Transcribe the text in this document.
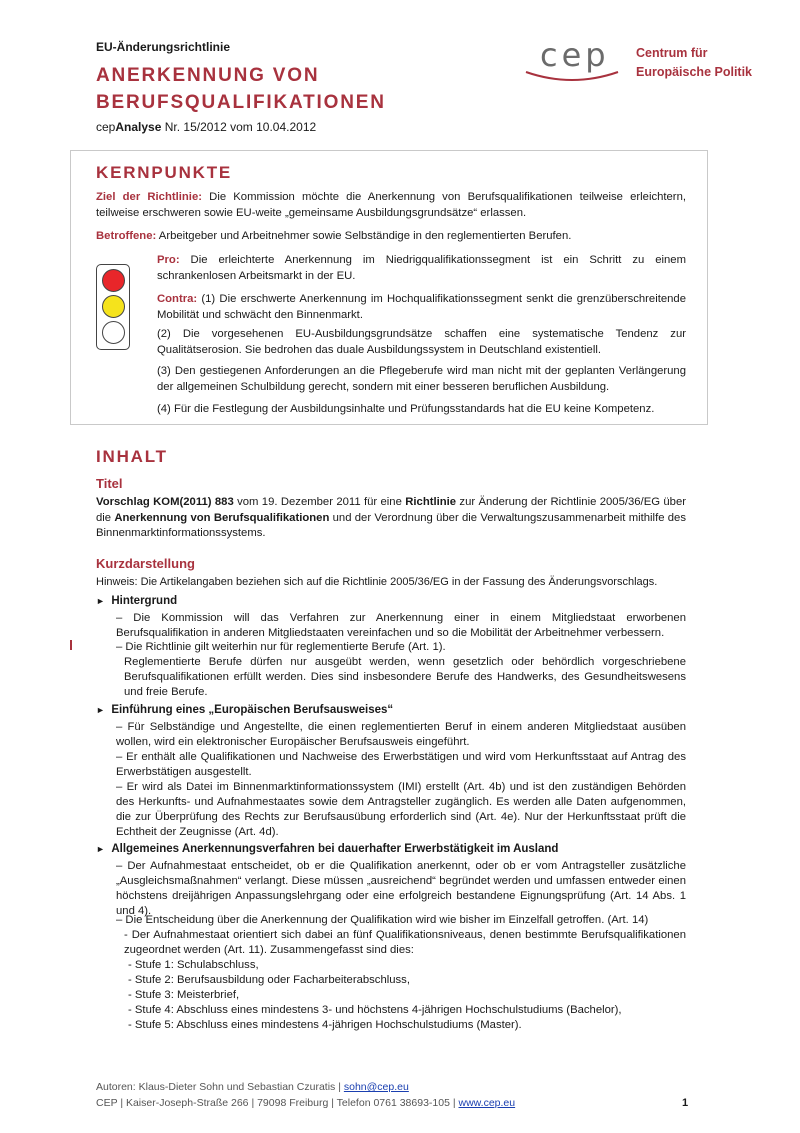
EU-Änderungsrichtlinie
ANERKENNUNG VON
BERUFSQUALIFIKATIONEN
cepAnalyse Nr. 15/2012 vom 10.04.2012
cep Centrum für
Europäische Politik
KERNPUNKTE
Ziel der Richtlinie: Die Kommission möchte die Anerkennung von Berufsqualifikationen teilweise erleichtern, teilweise erschweren sowie EU-weite „gemeinsame Ausbildungsgrundsätze“ erlassen.
Betroffene: Arbeitgeber und Arbeitnehmer sowie Selbständige in den reglementierten Berufen.
Pro: Die erleichterte Anerkennung im Niedrigqualifikationssegment ist ein Schritt zu einem schrankenlosen Arbeitsmarkt in der EU.
Contra: (1) Die erschwerte Anerkennung im Hochqualifikationssegment senkt die grenzüberschreitende Mobilität und schwächt den Binnenmarkt.
(2) Die vorgesehenen EU-Ausbildungsgrundsätze schaffen eine systematische Tendenz zur Qualitätserosion. Sie bedrohen das duale Ausbildungssystem in Deutschland existentiell.
(3) Den gestiegenen Anforderungen an die Pflegeberufe wird man nicht mit der geplanten Verlängerung der allgemeinen Schulbildung gerecht, sondern mit einer besseren beruflichen Ausbildung.
(4) Für die Festlegung der Ausbildungsinhalte und Prüfungsstandards hat die EU keine Kompetenz.
INHALT
Titel
Vorschlag KOM(2011) 883 vom 19. Dezember 2011 für eine Richtlinie zur Änderung der Richtlinie 2005/36/EG über die Anerkennung von Berufsqualifikationen und der Verordnung über die Verwaltungszusammenarbeit mithilfe des Binnenmarktinformationssystems.
Kurzdarstellung
Hinweis: Die Artikelangaben beziehen sich auf die Richtlinie 2005/36/EG in der Fassung des Änderungsvorschlags.
► Hintergrund
– Die Kommission will das Verfahren zur Anerkennung einer in einem Mitgliedstaat erworbenen Berufsqualifikation in anderen Mitgliedstaaten vereinfachen und so die Mobilität der Arbeitnehmer verbessern.
– Die Richtlinie gilt weiterhin nur für reglementierte Berufe (Art. 1).
Reglementierte Berufe dürfen nur ausgeübt werden, wenn gesetzlich oder behördlich vorgeschriebene Berufsqualifikationen erfüllt werden. Dies sind insbesondere Berufe des Handwerks, des Gesundheitswesens und freie Berufe.
► Einführung eines „Europäischen Berufsausweises“
– Für Selbständige und Angestellte, die einen reglementierten Beruf in einem anderen Mitgliedstaat ausüben wollen, wird ein elektronischer Europäischer Berufsausweis eingeführt.
– Er enthält alle Qualifikationen und Nachweise des Erwerbstätigen und wird vom Herkunftsstaat auf Antrag des Erwerbstätigen ausgestellt.
– Er wird als Datei im Binnenmarktinformationssystem (IMI) erstellt (Art. 4b) und ist den zuständigen Behörden des Herkunfts- und Aufnahmestaates sowie dem Antragsteller zugänglich. Es werden alle Daten aufgenommen, die zur Überprüfung des Rechts zur Berufsausübung erforderlich sind (Art. 4e). Nur der Herkunftsstaat prüft die Echtheit der Zeugnisse (Art. 4d).
► Allgemeines Anerkennungsverfahren bei dauerhafter Erwerbstätigkeit im Ausland
– Der Aufnahmestaat entscheidet, ob er die Qualifikation anerkennt, oder ob er vom Antragsteller zusätzliche „Ausgleichsmaßnahmen“ verlangt. Diese müssen „ausreichend“ begründet werden und umfassen entweder einen höchstens dreijährigen Anpassungslehrgang oder eine erfolgreich bestandene Eignungsprüfung (Art. 14 Abs. 1 und 4).
– Die Entscheidung über die Anerkennung der Qualifikation wird wie bisher im Einzelfall getroffen. (Art. 14)
- Der Aufnahmestaat orientiert sich dabei an fünf Qualifikationsniveaus, denen bestimmte Berufsqualifikationen zugeordnet werden (Art. 11). Zusammengefasst sind dies:
- Stufe 1: Schulabschluss,
- Stufe 2: Berufsausbildung oder Facharbeiterabschluss,
- Stufe 3: Meisterbrief,
- Stufe 4: Abschluss eines mindestens 3- und höchstens 4-jährigen Hochschulstudiums (Bachelor),
- Stufe 5: Abschluss eines mindestens 4-jährigen Hochschulstudiums (Master).
Autoren: Klaus-Dieter Sohn und Sebastian Czuratis | sohn@cep.eu
CEP | Kaiser-Joseph-Straße 266 | 79098 Freiburg | Telefon 0761 38693-105 | www.cep.eu	1
